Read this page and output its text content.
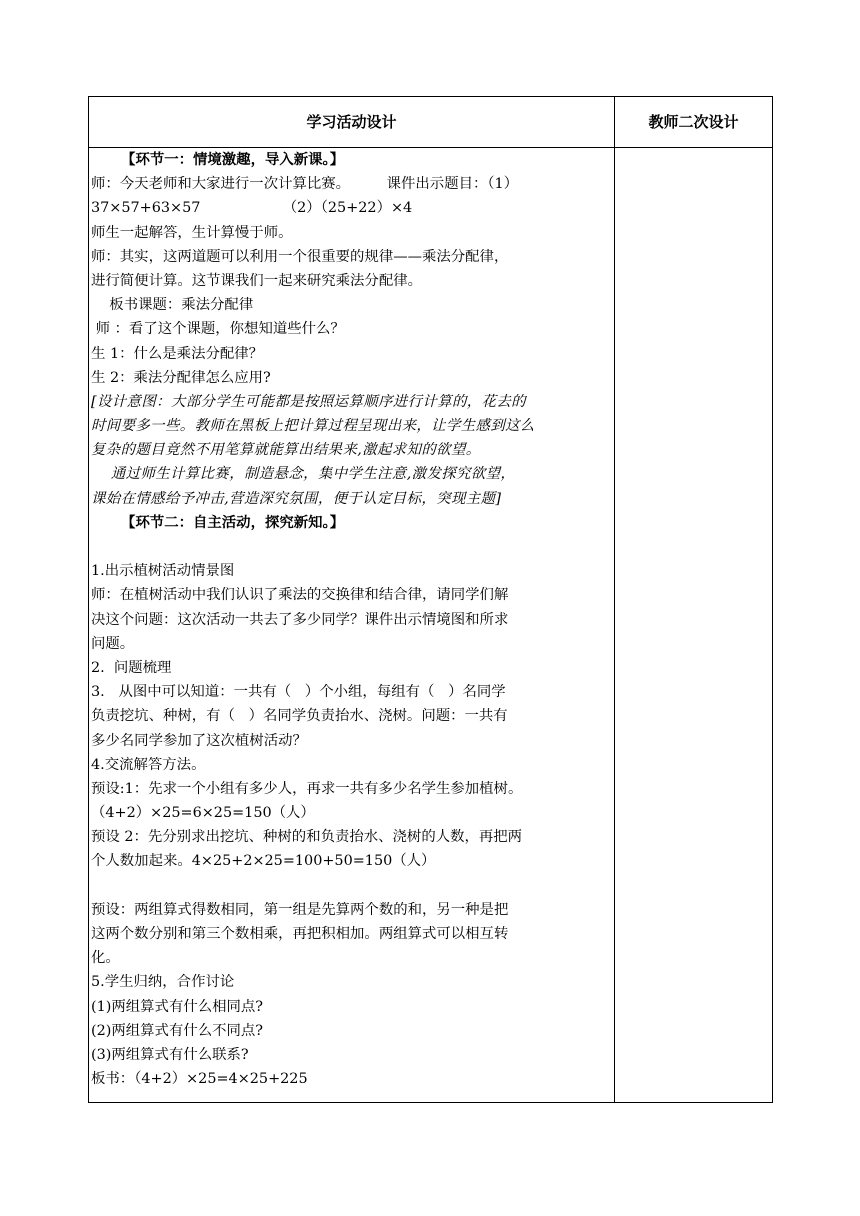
学习活动设计	教师二次设计
【环节一：情境激趣，导入新课。】
师：今天老师和大家进行一次计算比赛。        课件出示题目：（1）
37×57+63×57                  （2）（25+22）×4
师生一起解答，生计算慢于师。
师：其实，这两道题可以利用一个很重要的规律——乘法分配律，
进行简便计算。这节课我们一起来研究乘法分配律。
板书课题：乘法分配律
师 ：看了这个课题，你想知道些什么？
生 1：什么是乘法分配律？
生 2：乘法分配律怎么应用?
[设计意图：大部分学生可能都是按照运算顺序进行计算的，花去的
时间要多一些。教师在黑板上把计算过程呈现出来，让学生感到这么
复杂的题目竟然不用笔算就能算出结果来,激起求知的欲望。
通过师生计算比赛，制造悬念，集中学生注意,激发探究欲望，
课始在情感给予冲击,营造深究氛围，便于认定目标，突现主题]
【环节二：自主活动，探究新知。】
1.出示植树活动情景图
师：在植树活动中我们认识了乘法的交换律和结合律，请同学们解
决这个问题：这次活动一共去了多少同学？课件出示情境图和所求
问题。
2.  问题梳理
3.   从图中可以知道：一共有（   ）个小组，每组有（   ）名同学
负责挖坑、种树，有（   ）名同学负责抬水、浇树。问题：一共有
多少名同学参加了这次植树活动？
4.交流解答方法。
预设:1：先求一个小组有多少人，再求一共有多少名学生参加植树。
（4+2）×25=6×25=150（人）
预设 2：先分别求出挖坑、种树的和负责抬水、浇树的人数，再把两
个人数加起来。4×25+2×25=100+50=150（人）
预设：两组算式得数相同，第一组是先算两个数的和，另一种是把
这两个数分别和第三个数相乘，再把积相加。两组算式可以相互转
化。
5.学生归纳，合作讨论
(1)两组算式有什么相同点?
(2)两组算式有什么不同点?
(3)两组算式有什么联系?
板书：（4+2）×25=4×25+225
